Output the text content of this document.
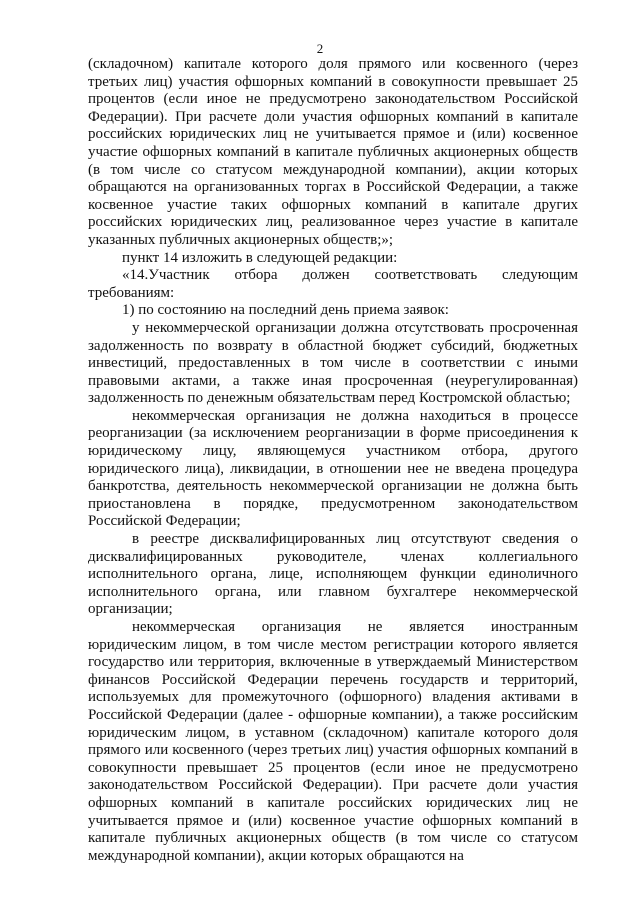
2

(складочном) капитале которого доля прямого или косвенного (через третьих лиц) участия офшорных компаний в совокупности превышает 25 процентов (если иное не предусмотрено законодательством Российской Федерации). При расчете доли участия офшорных компаний в капитале российских юридических лиц не учитывается прямое и (или) косвенное участие офшорных компаний в капитале публичных акционерных обществ (в том числе со статусом международной компании), акции которых обращаются на организованных торгах в Российской Федерации, а также косвенное участие таких офшорных компаний в капитале других российских юридических лиц, реализованное через участие в капитале указанных публичных акционерных обществ;»;

пункт 14 изложить в следующей редакции:

«14.Участник отбора должен соответствовать следующим требованиям:

1) по состоянию на последний день приема заявок:

у некоммерческой организации должна отсутствовать просроченная задолженность по возврату в областной бюджет субсидий, бюджетных инвестиций, предоставленных в том числе в соответствии с иными правовыми актами, а также иная просроченная (неурегулированная) задолженность по денежным обязательствам перед Костромской областью;

некоммерческая организация не должна находиться в процессе реорганизации (за исключением реорганизации в форме присоединения к юридическому лицу, являющемуся участником отбора, другого юридического лица), ликвидации, в отношении нее не введена процедура банкротства, деятельность некоммерческой организации не должна быть приостановлена в порядке, предусмотренном законодательством Российской Федерации;

в реестре дисквалифицированных лиц отсутствуют сведения о дисквалифицированных руководителе, членах коллегиального исполнительного органа, лице, исполняющем функции единоличного исполнительного органа, или главном бухгалтере некоммерческой организации;

некоммерческая организация не является иностранным юридическим лицом, в том числе местом регистрации которого является государство или территория, включенные в утверждаемый Министерством финансов Российской Федерации перечень государств и территорий, используемых для промежуточного (офшорного) владения активами в Российской Федерации (далее - офшорные компании), а также российским юридическим лицом, в уставном (складочном) капитале которого доля прямого или косвенного (через третьих лиц) участия офшорных компаний в совокупности превышает 25 процентов (если иное не предусмотрено законодательством Российской Федерации). При расчете доли участия офшорных компаний в капитале российских юридических лиц не учитывается прямое и (или) косвенное участие офшорных компаний в капитале публичных акционерных обществ (в том числе со статусом международной компании), акции которых обращаются на
